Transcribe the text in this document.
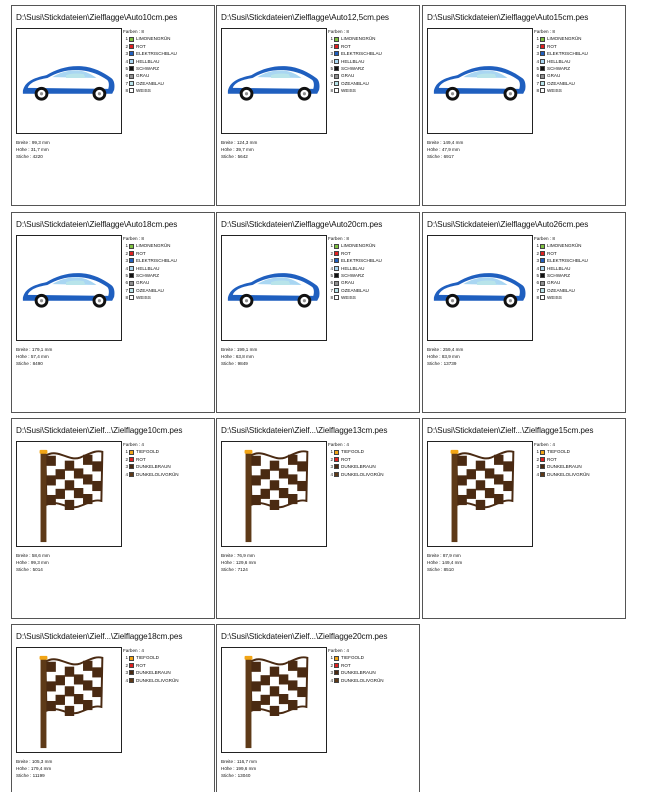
D:\Susi\Stickdateien\Zielflagge\Auto10cm.pes
Farben : 8
1 LIMONENGRÜN
2 ROT
3 ELEKTRISCHBLAU
4 HELLBLAU
5 SCHWARZ
6 GRAU
7 OZEANBLAU
8 WEISS
Breite : 99,3 mm
Höhe : 31,7 mm
Stiche : 4220
D:\Susi\Stickdateien\Zielflagge\Auto12,5cm.pes
Farben : 8
1 LIMONENGRÜN
2 ROT
3 ELEKTRISCHBLAU
4 HELLBLAU
5 SCHWARZ
6 GRAU
7 OZEANBLAU
8 WEISS
Breite : 124,3 mm
Höhe : 39,7 mm
Stiche : 5642
D:\Susi\Stickdateien\Zielflagge\Auto15cm.pes
Farben : 8
1 LIMONENGRÜN
2 ROT
3 ELEKTRISCHBLAU
4 HELLBLAU
5 SCHWARZ
6 GRAU
7 OZEANBLAU
8 WEISS
Breite : 149,4 mm
Höhe : 47,9 mm
Stiche : 6917
D:\Susi\Stickdateien\Zielflagge\Auto18cm.pes
Farben : 8
1 LIMONENGRÜN
2 ROT
3 ELEKTRISCHBLAU
4 HELLBLAU
5 SCHWARZ
6 GRAU
7 OZEANBLAU
8 WEISS
Breite : 179,1 mm
Höhe : 57,4 mm
Stiche : 8490
D:\Susi\Stickdateien\Zielflagge\Auto20cm.pes
Farben : 8
1 LIMONENGRÜN
2 ROT
3 ELEKTRISCHBLAU
4 HELLBLAU
5 SCHWARZ
6 GRAU
7 OZEANBLAU
8 WEISS
Breite : 199,1 mm
Höhe : 63,8 mm
Stiche : 9849
D:\Susi\Stickdateien\Zielflagge\Auto26cm.pes
Farben : 8
1 LIMONENGRÜN
2 ROT
3 ELEKTRISCHBLAU
4 HELLBLAU
5 SCHWARZ
6 GRAU
7 OZEANBLAU
8 WEISS
Breite : 259,4 mm
Höhe : 83,9 mm
Stiche : 13739
D:\Susi\Stickdateien\Zielf...\Zielflagge10cm.pes
Farben : 4
1 TIEFGOLD
2 ROT
3 DUNKELBRAUN
4 DUNKELOLIVGRÜN
Breite : 58,6 mm
Höhe : 99,3 mm
Stiche : 5014
D:\Susi\Stickdateien\Zielf...\Zielflagge13cm.pes
Farben : 4
1 TIEFGOLD
2 ROT
3 DUNKELBRAUN
4 DUNKELOLIVGRÜN
Breite : 76,9 mm
Höhe : 129,6 mm
Stiche : 7124
D:\Susi\Stickdateien\Zielf...\Zielflagge15cm.pes
Farben : 4
1 TIEFGOLD
2 ROT
3 DUNKELBRAUN
4 DUNKELOLIVGRÜN
Breite : 87,9 mm
Höhe : 149,4 mm
Stiche : 8510
D:\Susi\Stickdateien\Zielf...\Zielflagge18cm.pes
Farben : 4
1 TIEFGOLD
2 ROT
3 DUNKELBRAUN
4 DUNKELOLIVGRÜN
Breite : 105,3 mm
Höhe : 179,4 mm
Stiche : 11199
D:\Susi\Stickdateien\Zielf...\Zielflagge20cm.pes
Farben : 4
1 TIEFGOLD
2 ROT
3 DUNKELBRAUN
4 DUNKELOLIVGRÜN
Breite : 116,7 mm
Höhe : 199,6 mm
Stiche : 13040
